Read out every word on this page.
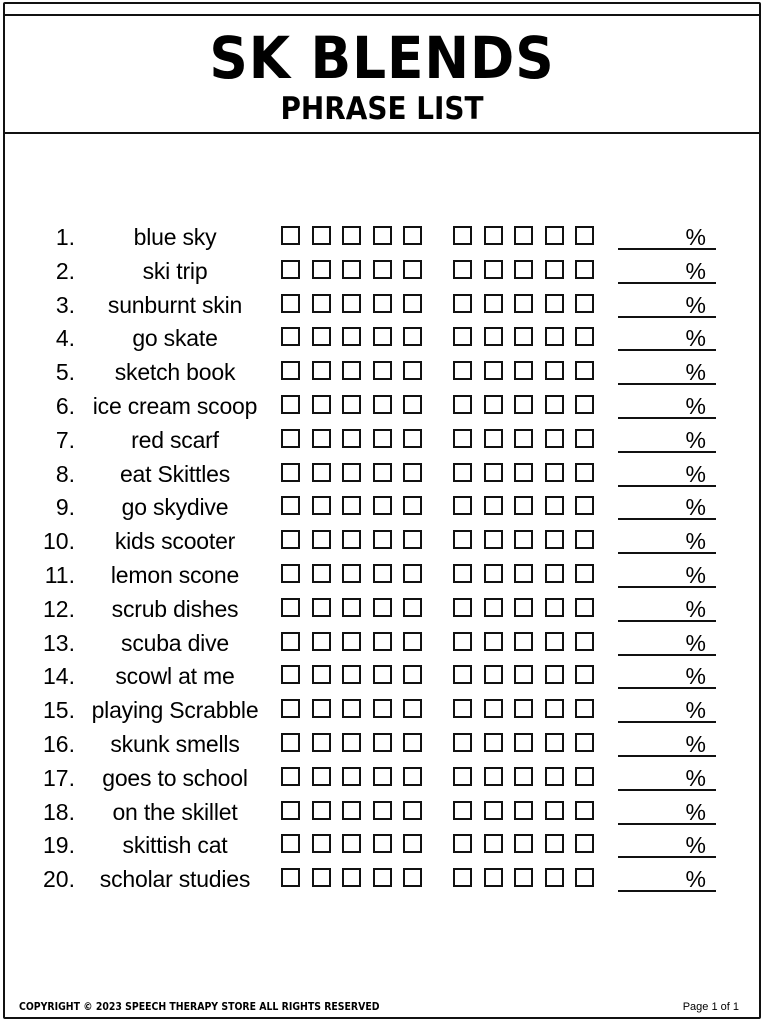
SK BLENDS
PHRASE LIST
1.	blue sky	%
2.	ski trip	%
3.	sunburnt skin	%
4.	go skate	%
5.	sketch book	%
6. ice cream scoop	%
7.	red scarf	%
8.	eat Skittles	%
9.	go skydive	%
10.	kids scooter	%
11.	lemon scone	%
12.	scrub dishes	%
13.	scuba dive	%
14.	scowl at me	%
15. playing Scrabble	%
16.	skunk smells	%
17.	goes to school	%
18.	on the skillet	%
19.	skittish cat	%
20.	scholar studies	%
COPYRIGHT © 2023 SPEECH THERAPY STORE ALL RIGHTS RESERVED	Page 1 of 1
